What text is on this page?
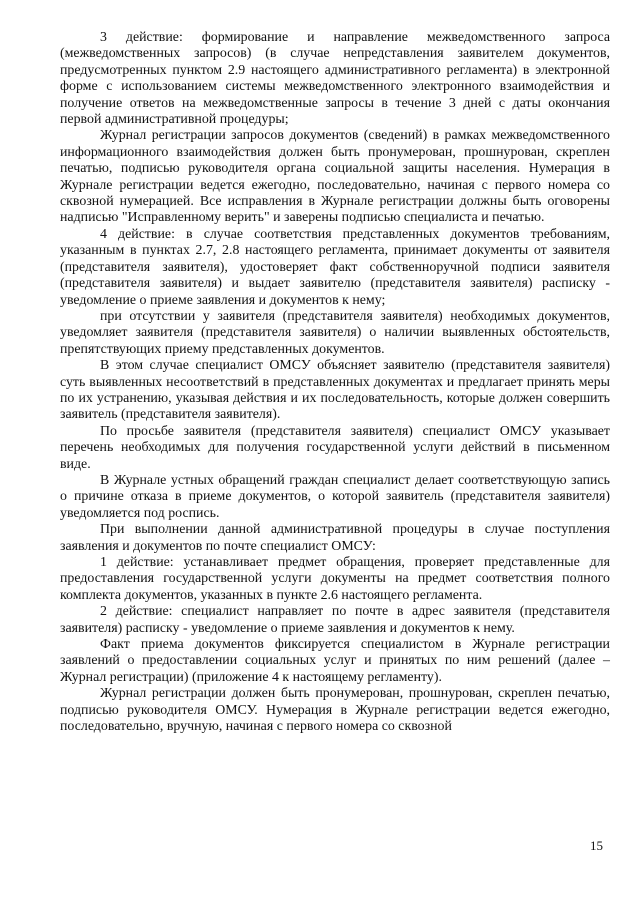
3 действие: формирование и направление межведомственного запроса (межведомственных запросов) (в случае непредставления заявителем документов, предусмотренных пунктом 2.9 настоящего административного регламента) в электронной форме с использованием системы межведомственного электронного взаимодействия и получение ответов на межведомственные запросы в течение 3 дней с даты окончания первой административной процедуры;

Журнал регистрации запросов документов (сведений) в рамках межведомственного информационного взаимодействия должен быть пронумерован, прошнурован, скреплен печатью, подписью руководителя органа социальной защиты населения. Нумерация в Журнале регистрации ведется ежегодно, последовательно, начиная с первого номера со сквозной нумерацией. Все исправления в Журнале регистрации должны быть оговорены надписью "Исправленному верить" и заверены подписью специалиста и печатью.

4 действие: в случае соответствия представленных документов требованиям, указанным в пунктах 2.7, 2.8 настоящего регламента, принимает документы от заявителя (представителя заявителя), удостоверяет факт собственноручной подписи заявителя (представителя заявителя) и выдает заявителю (представителя заявителя) расписку - уведомление о приеме заявления и документов к нему;

при отсутствии у заявителя (представителя заявителя) необходимых документов, уведомляет заявителя (представителя заявителя) о наличии выявленных обстоятельств, препятствующих приему представленных документов.

В этом случае специалист ОМСУ объясняет заявителю (представителя заявителя) суть выявленных несоответствий в представленных документах и предлагает принять меры по их устранению, указывая действия и их последовательность, которые должен совершить заявитель (представителя заявителя).

По просьбе заявителя (представителя заявителя) специалист ОМСУ указывает перечень необходимых для получения государственной услуги действий в письменном виде.

В Журнале устных обращений граждан специалист делает соответствующую запись о причине отказа в приеме документов, о которой заявитель (представителя заявителя) уведомляется под роспись.

При выполнении данной административной процедуры в случае поступления заявления и документов по почте специалист ОМСУ:

1 действие: устанавливает предмет обращения, проверяет представленные для предоставления государственной услуги документы на предмет соответствия полного комплекта документов, указанных в пункте 2.6 настоящего регламента.

2 действие: специалист направляет по почте в адрес заявителя (представителя заявителя) расписку - уведомление о приеме заявления и документов к нему.

Факт приема документов фиксируется специалистом в Журнале регистрации заявлений о предоставлении социальных услуг и принятых по ним решений (далее – Журнал регистрации) (приложение 4 к настоящему регламенту).

Журнал регистрации должен быть пронумерован, прошнурован, скреплен печатью, подписью руководителя ОМСУ. Нумерация в Журнале регистрации ведется ежегодно, последовательно, вручную, начиная с первого номера со сквозной

15
